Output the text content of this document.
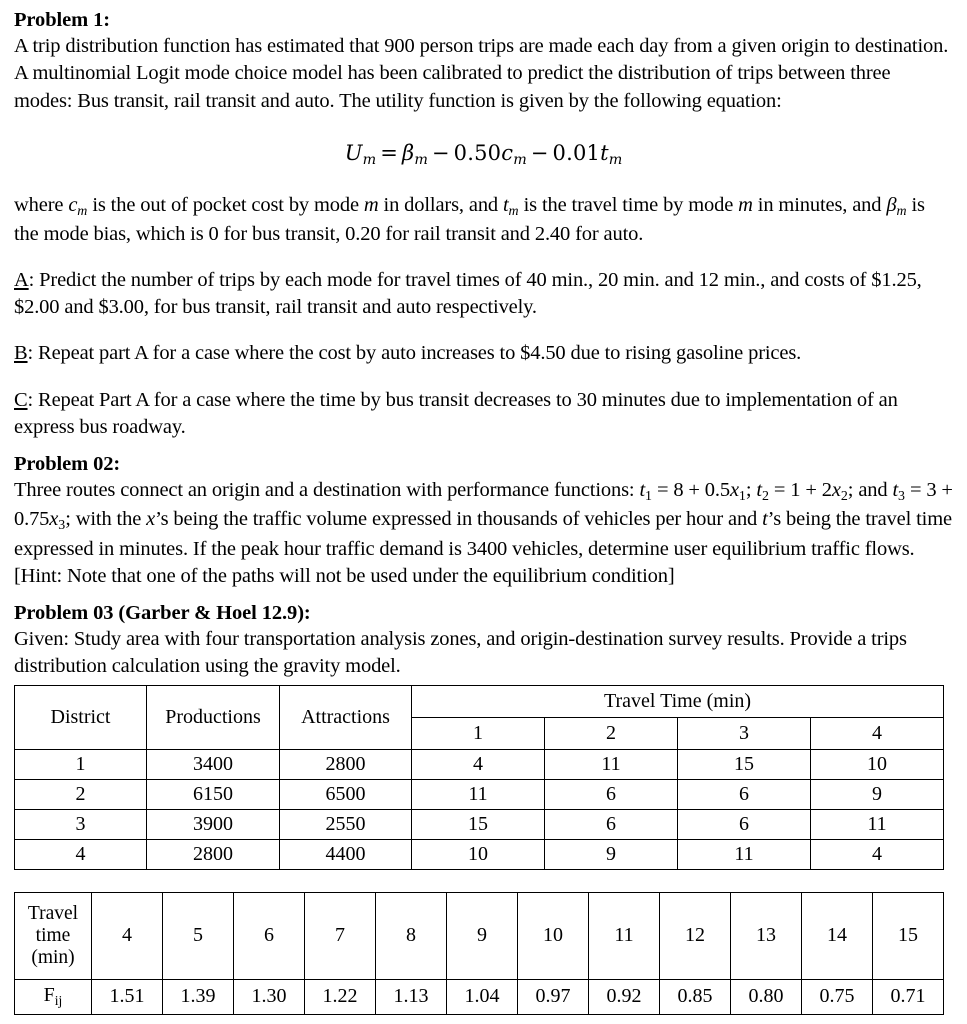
Problem 1:

A trip distribution function has estimated that 900 person trips are made each day from a given origin to destination. A multinomial Logit mode choice model has been calibrated to predict the distribution of trips between three modes: Bus transit, rail transit and auto. The utility function is given by the following equation:

$U_m = \beta_m - 0.50c_m - 0.01t_m$

where $c_m$ is the out of pocket cost by mode m in dollars, and $t_m$ is the travel time by mode m in minutes, and $\beta_m$ is the mode bias, which is 0 for bus transit, 0.20 for rail transit and 2.40 for auto.

A: Predict the number of trips by each mode for travel times of 40 min., 20 min. and 12 min., and costs of $1.25, $2.00 and $3.00, for bus transit, rail transit and auto respectively.

B: Repeat part A for a case where the cost by auto increases to $4.50 due to rising gasoline prices.

C: Repeat Part A for a case where the time by bus transit decreases to 30 minutes due to implementation of an express bus roadway.

Problem 02:

Three routes connect an origin and a destination with performance functions: $t_1 = 8 + 0.5x_1$; $t_2 = 1 + 2x_2$; and $t_3 = 3 + 0.75x_3$; with the x’s being the traffic volume expressed in thousands of vehicles per hour and t’s being the travel time expressed in minutes. If the peak hour traffic demand is 3400 vehicles, determine user equilibrium traffic flows. [Hint: Note that one of the paths will not be used under the equilibrium condition]

Problem 03 (Garber & Hoel 12.9):

Given: Study area with four transportation analysis zones, and origin-destination survey results. Provide a trips distribution calculation using the gravity model.

District	Productions	Attractions	Travel Time (min)			
			1	2	3	4
1	3400	2800	4	11	15	10
2	6150	6500	11	6	6	9
3	3900	2550	15	6	6	11
4	2800	4400	10	9	11	4
Travel
time
(min)	4	5	6	7	8	9	10	11	12	13	14	15
$F_{ij}$	1.51	1.39	1.30	1.22	1.13	1.04	0.97	0.92	0.85	0.80	0.75	0.71
